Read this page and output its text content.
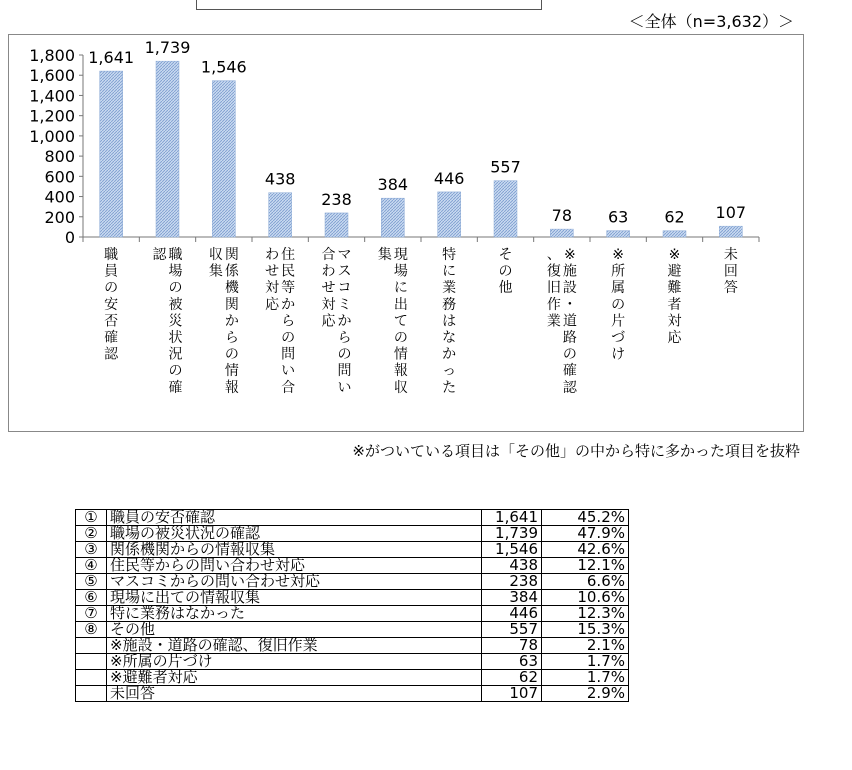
＜全体（n=3,632）＞
0
200
400
600
800
1,000
1,200
1,400
1,600
1,800 1,641
職
員
の
安
否
確
認
1,739
職
場
の
被
災
状
況
の
確
認
1,546
関
係
機
関
か
ら
の
情
報
収
集
438
住
民
等
か
ら
の
問
い
合
わ
せ
対
応
238
マ
ス
コ
ミ
か
ら
の
問
い
合
わ
せ
対
応
384
現
場
に
出
て
の
情
報
収
集
446
特
に
業
務
は
な
か
っ
た
557
そ
の
他
78
※
施
設
・
道
路
の
確
認
、
復
旧
作
業
63
※
所
属
の
片
づ
け
62
※
避
難
者
対
応
107
未
回
答
※がついている項目は「その他」の中から特に多かった項目を抜粋
①	職員の安否確認	1,641	45.2%
②	職場の被災状況の確認	1,739	47.9%
③	関係機関からの情報収集	1,546	42.6%
④	住民等からの問い合わせ対応	438	12.1%
⑤	マスコミからの問い合わせ対応	238	6.6%
⑥	現場に出ての情報収集	384	10.6%
⑦	特に業務はなかった	446	12.3%
⑧	その他	557	15.3%
	※施設・道路の確認、復旧作業	78	2.1%
	※所属の片づけ	63	1.7%
	※避難者対応	62	1.7%
	未回答	107	2.9%
